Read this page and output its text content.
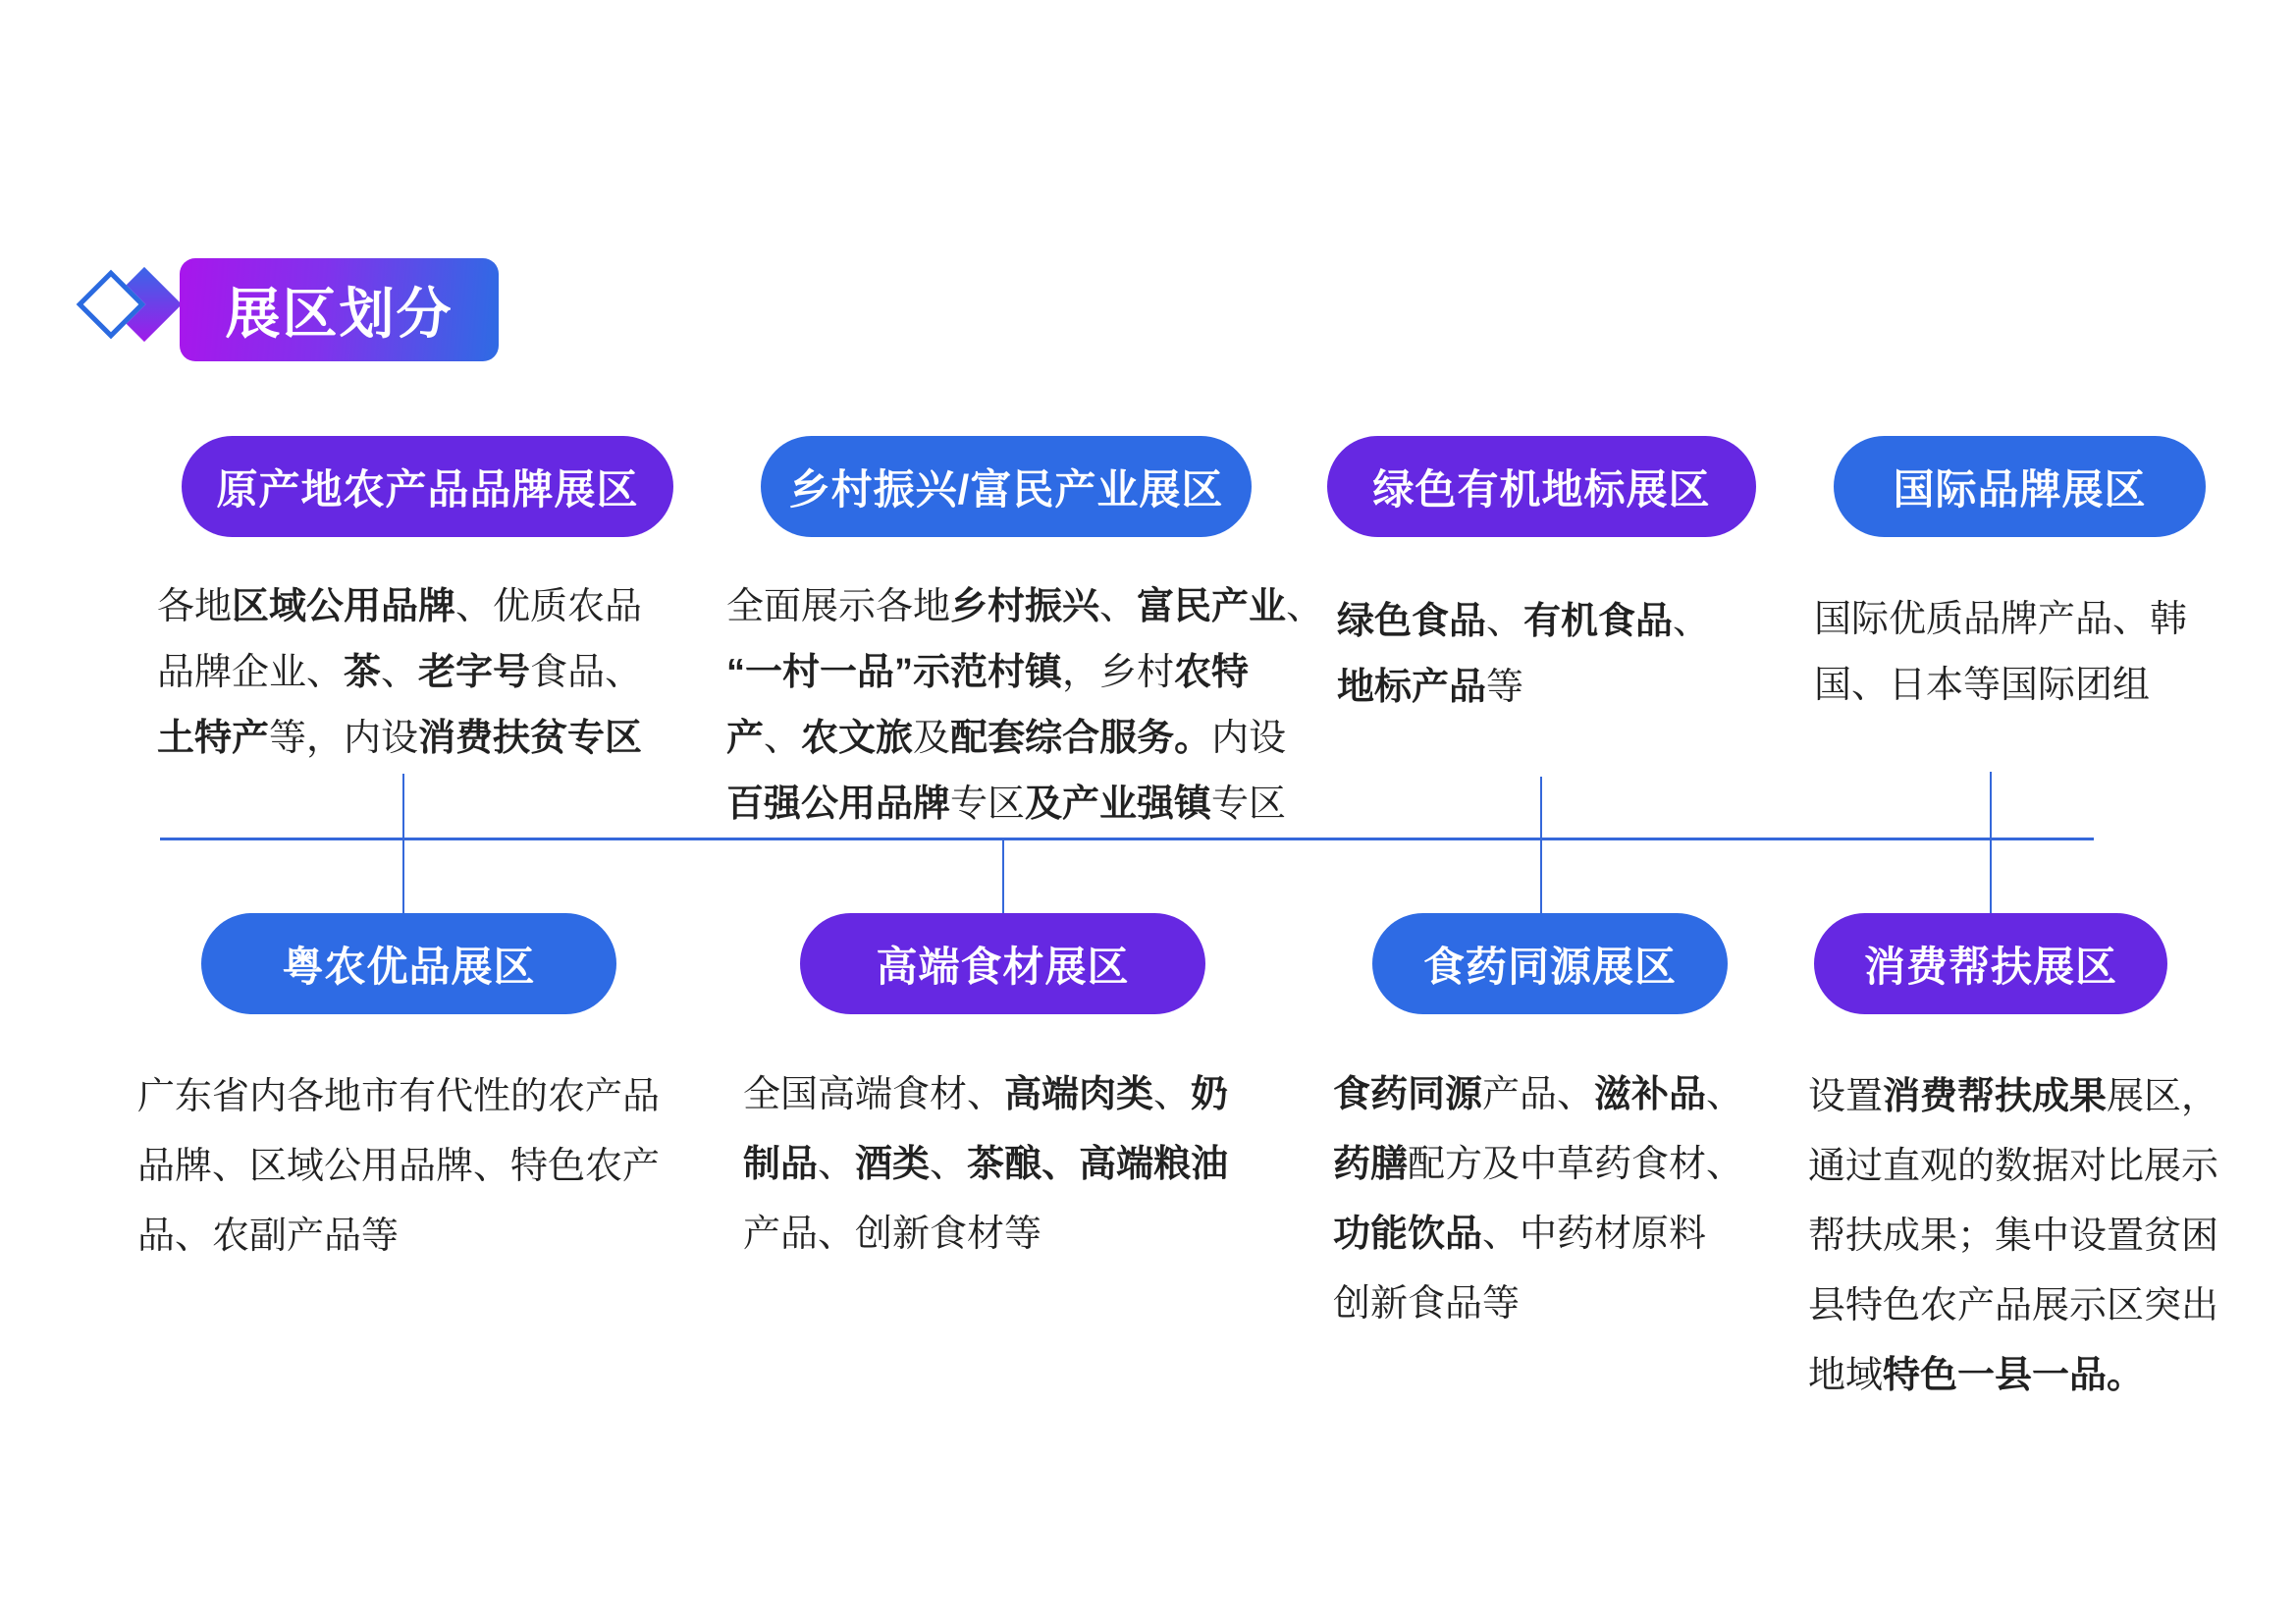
展区划分
原产地农产品品牌展区
各地区域公用品牌、优质农品
品牌企业、茶、老字号食品、
土特产等，内设消费扶贫专区
乡村振兴/富民产业展区
全面展示各地乡村振兴、富民产业、
“一村一品”示范村镇，乡村农特
产、农文旅及配套综合服务。内设
百强公用品牌专区及产业强镇专区
绿色有机地标展区
绿色食品、有机食品、
地标产品等
国际品牌展区
国际优质品牌产品、韩
国、日本等国际团组
粤农优品展区
广东省内各地市有代性的农产品
品牌、区域公用品牌、特色农产
品、农副产品等
高端食材展区
全国高端食材、高端肉类、奶
制品、酒类、茶酿、高端粮油
产品、创新食材等
食药同源展区
食药同源产品、滋补品、
药膳配方及中草药食材、
功能饮品、中药材原料
创新食品等
消费帮扶展区
设置消费帮扶成果展区，
通过直观的数据对比展示
帮扶成果；集中设置贫困
县特色农产品展示区突出
地域特色一县一品。
